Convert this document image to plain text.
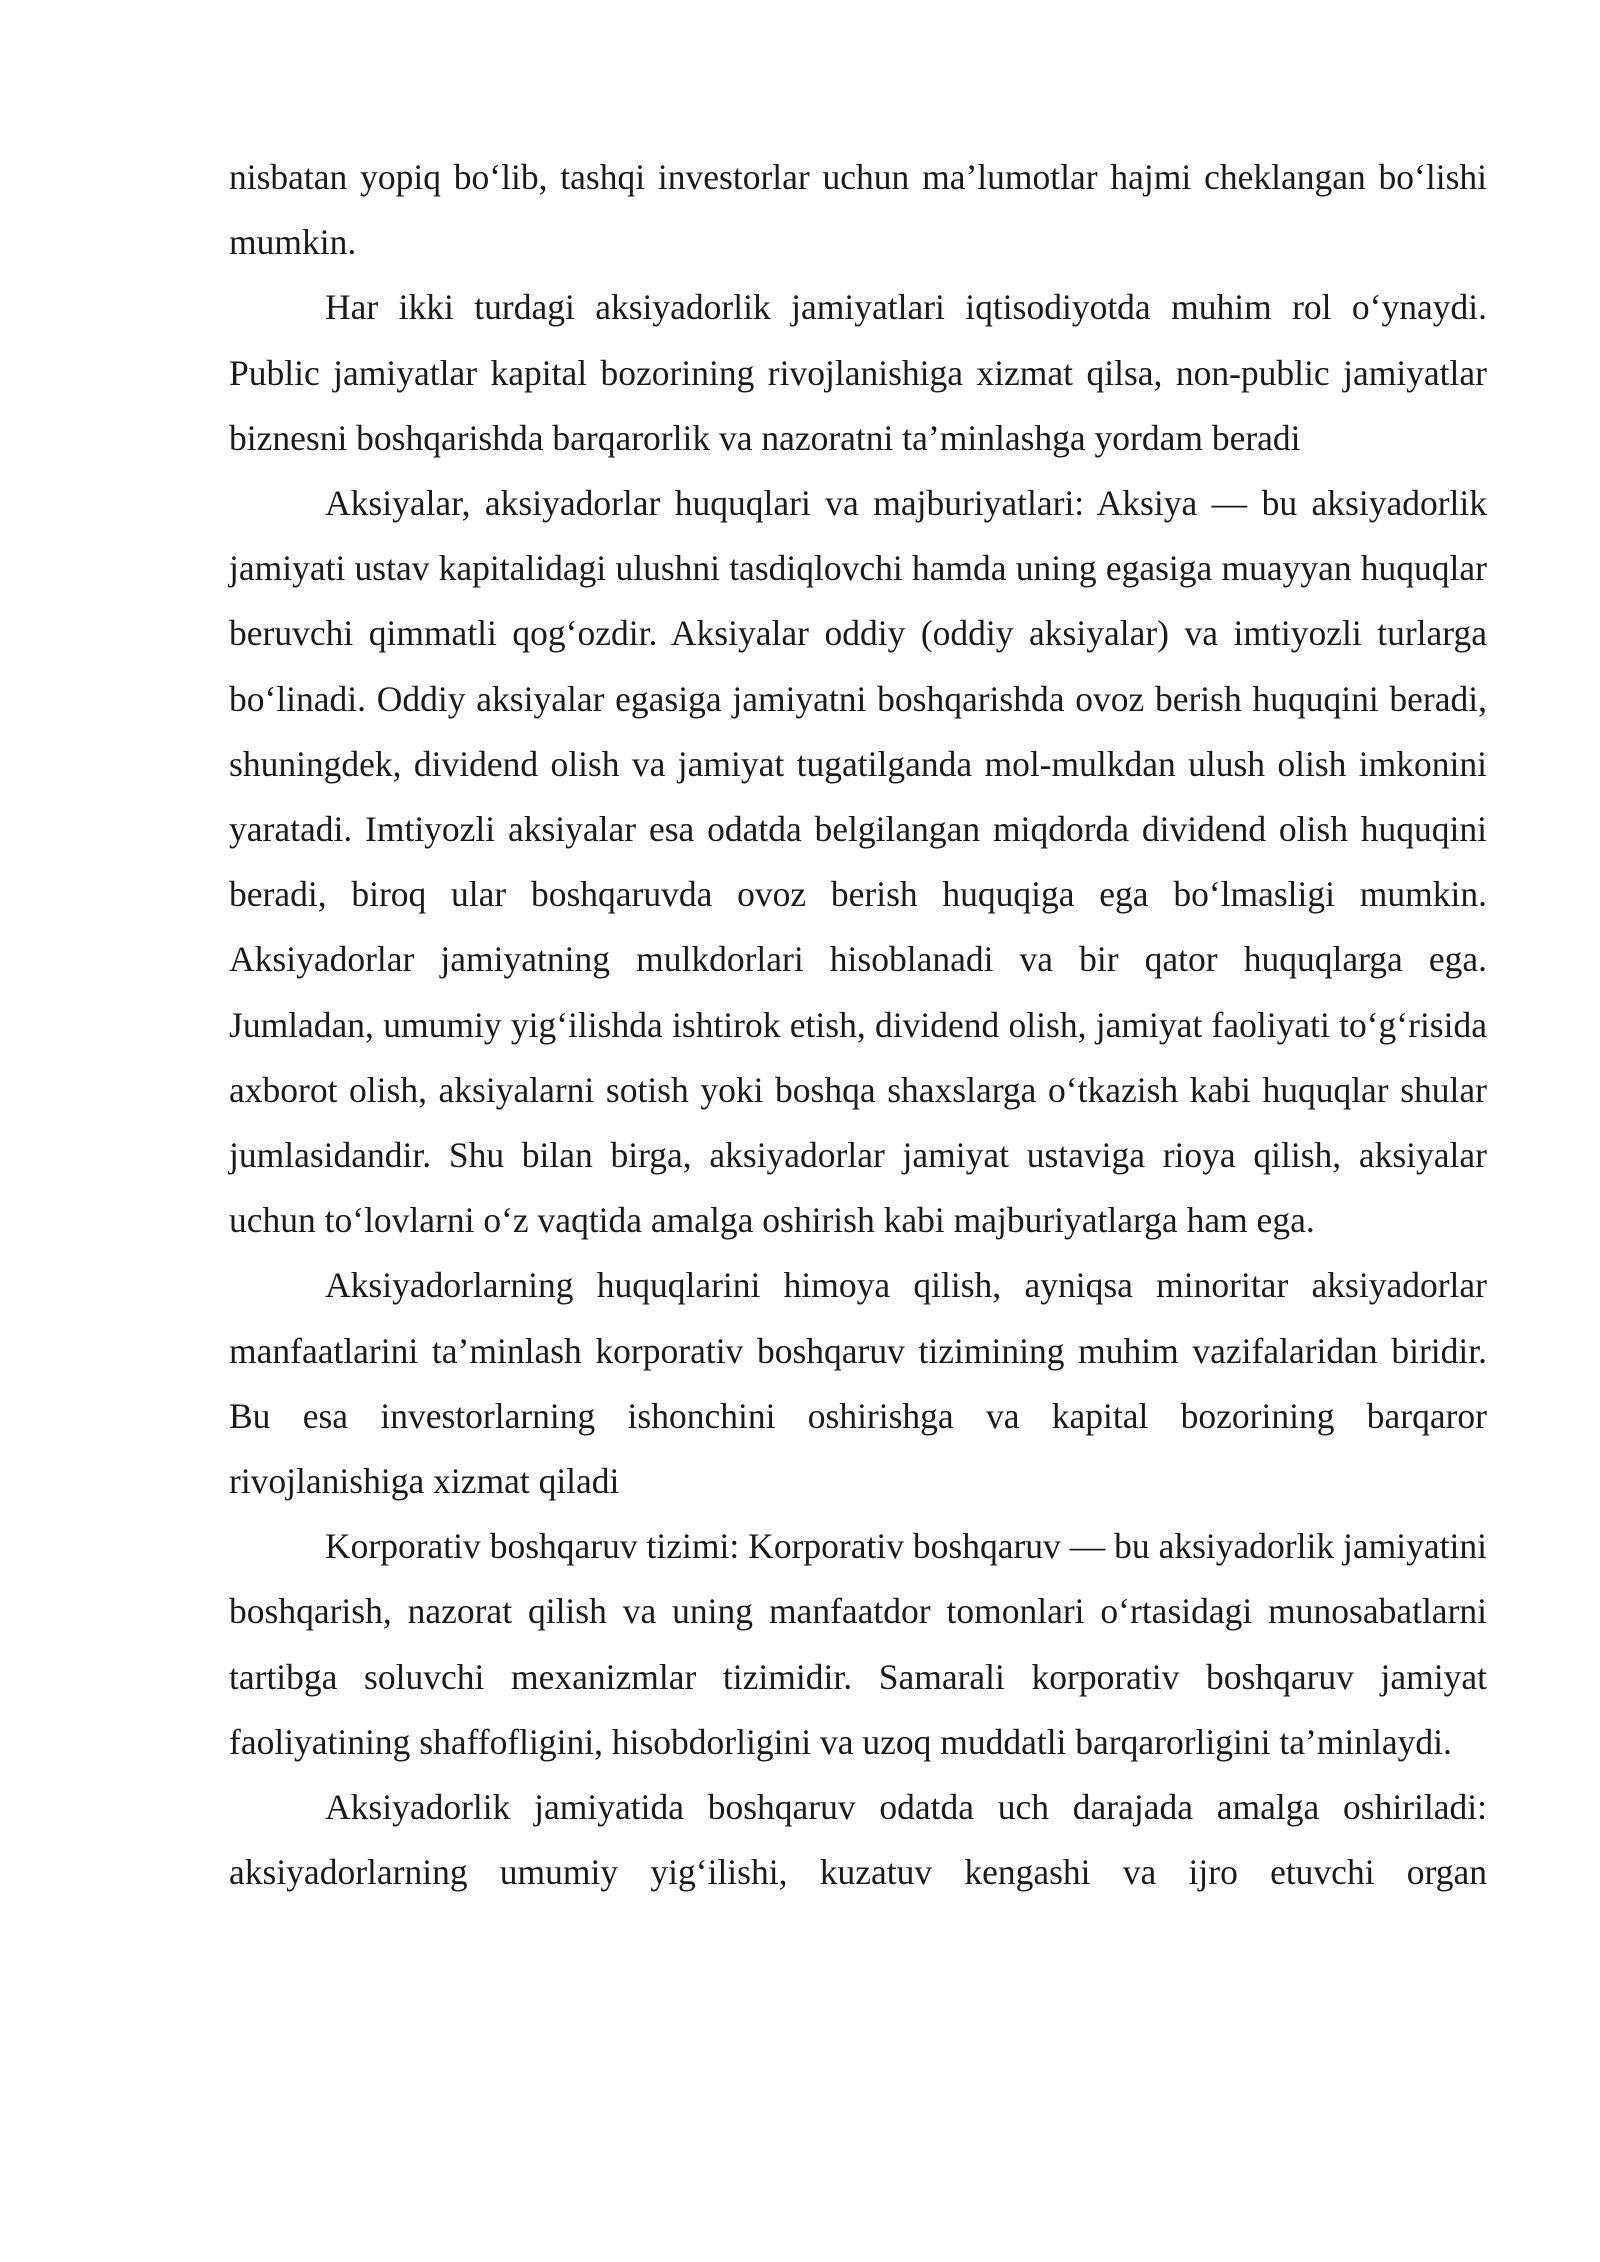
nisbatan yopiq bo‘lib, tashqi investorlar uchun ma’lumotlar hajmi cheklangan bo‘lishi mumkin.

Har ikki turdagi aksiyadorlik jamiyatlari iqtisodiyotda muhim rol o‘ynaydi. Public jamiyatlar kapital bozorining rivojlanishiga xizmat qilsa, non-public jamiyatlar biznesni boshqarishda barqarorlik va nazoratni ta’minlashga yordam beradi

Aksiyalar, aksiyadorlar huquqlari va majburiyatlari: Aksiya — bu aksiyadorlik jamiyati ustav kapitalidagi ulushni tasdiqlovchi hamda uning egasiga muayyan huquqlar beruvchi qimmatli qog‘ozdir. Aksiyalar oddiy (oddiy aksiyalar) va imtiyozli turlarga bo‘linadi. Oddiy aksiyalar egasiga jamiyatni boshqarishda ovoz berish huquqini beradi, shuningdek, dividend olish va jamiyat tugatilganda mol-mulkdan ulush olish imkonini yaratadi. Imtiyozli aksiyalar esa odatda belgilangan miqdorda dividend olish huquqini beradi, biroq ular boshqaruvda ovoz berish huquqiga ega bo‘lmasligi mumkin. Aksiyadorlar jamiyatning mulkdorlari hisoblanadi va bir qator huquqlarga ega. Jumladan, umumiy yig‘ilishda ishtirok etish, dividend olish, jamiyat faoliyati to‘g‘risida axborot olish, aksiyalarni sotish yoki boshqa shaxslarga o‘tkazish kabi huquqlar shular jumlasidandir. Shu bilan birga, aksiyadorlar jamiyat ustaviga rioya qilish, aksiyalar uchun to‘lovlarni o‘z vaqtida amalga oshirish kabi majburiyatlarga ham ega.

Aksiyadorlarning huquqlarini himoya qilish, ayniqsa minoritar aksiyadorlar manfaatlarini ta’minlash korporativ boshqaruv tizimining muhim vazifalaridan biridir. Bu esa investorlarning ishonchini oshirishga va kapital bozorining barqaror rivojlanishiga xizmat qiladi

Korporativ boshqaruv tizimi: Korporativ boshqaruv — bu aksiyadorlik jamiyatini boshqarish, nazorat qilish va uning manfaatdor tomonlari o‘rtasidagi munosabatlarni tartibga soluvchi mexanizmlar tizimidir. Samarali korporativ boshqaruv jamiyat faoliyatining shaffofligini, hisobdorligini va uzoq muddatli barqarorligini ta’minlaydi.

Aksiyadorlik jamiyatida boshqaruv odatda uch darajada amalga oshiriladi: aksiyadorlarning umumiy yig‘ilishi, kuzatuv kengashi va ijro etuvchi organ
